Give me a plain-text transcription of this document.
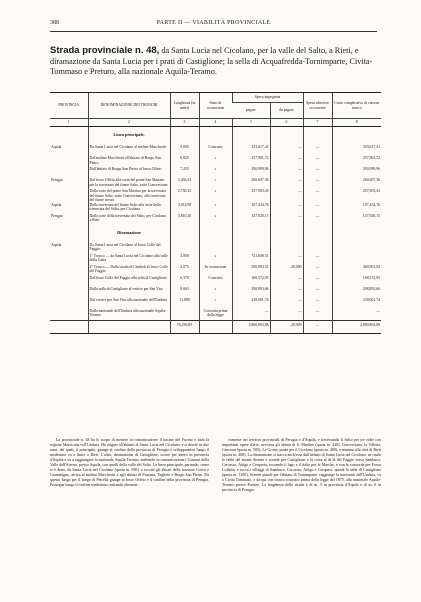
388	PARTE II — VIABILITÀ PROVINCIALE
Strada provinciale n. 48, da Santa Lucia nel Cicolano, per la valle del Salto, a Rieti, e diramazione da Santa Lucia per i prati di Castiglione; la sella di Acquafredda-Tornimparte, Civita-Tommaso e Preturo, alla nazionale Aquila-Teramo.
PROVINCIA	DENOMINAZIONE DEI TRONCHI	Lunghezza (in metri)	Stato di costruzione	Spesa impegnata		Spesa ulteriore occorrente	Costo complessivo di ciascun tronco
				pagate	da pagare		
1	2	3	4	5	6	7	8
	Linea principale.						
Aquila	Da Santa Lucia nel Cicolano al molino Macchiotti	9,000	Costruito	333,617,41	—	—	333,617,41
	Dal molino Macchiotti all'abitato di Borgo San Pietro	6,825	»	257,901,72	—	—	257,901,72
	Dall'abitato di Borgo San Pietro al fosso Offeio	7,255	»	290,999,96	—	—	290,999,96
Perugia	Dal fosso Offeio alla sorte del ponte San Martino per la traversata del fiume Salto, sotto Concerviano	5,436,52	»	260,607,36	—	—	260,607,36
	Dalla sorte del ponte San Martino per la traversata del fiume Salto, sotto Concerviano, alla traversata del fiume stesso	2,730,25	»	257,903,43	—	—	257,903,43
Aquila	Dalla traversata del fiume Salto alla sorte della traversata del Salto, per Cicolano	3,012,90	»	107,434,76	—	—	107,434,76
Perugia	Dalla sorte della traversata del Salto, per Cicolano, a Rieti	3,810,20	»	147,920,15	—	—	147,920,15
	Diramazione						
Aquila	Da Santa Lucia nel Cicolano al fosso Colle del Faggio:						
	1° Tronco — da Santa Lucia nel Cicolano alla valle della Gatta	3,800	»	*41,608,51	—	—	
	2° Tronco — Dalla strada di Cimboli al fosso Colle del Faggio	2,075	In costruzione	290,993,51	20,000	—	460,901,02
	Dal fosso Colle del Faggio alla sella di Castiglione	6,370	Costruito	168,572,95	—	—	168,572,95
	Dalla sella di Castiglione al vertice per San Vito	9,063	»	298,893,66	—	—	298,893,66
	Dal vertice per San Vito alla nazionale dell'Umbria	11,880	»	239,061,74	—	—	239,061,74
	Dalla nazionale dell'Umbria alla nazionale Aquila-Teramo		Costruita prima della legge	—	—	—	—
		76,256,85		2,860,863,88	20,000	—	2,880,863,88
La provinciale n. 48 ha lo scopo di mettere in comunicazione il bacino del Fucino e tutta la regione Marsicana coll'Umbria. Ha origine all'abitato di Santa Lucia nel Cicolano, e si divide in due rami, dei quali, il principale, giunge al confine della provincia di Perugia e sviluppandosi lungo il medesimo va a finire a Rieti. L'altro, diramazione di Castiglione, scorre per intero in provincia d'Aquila e va a raggiungere la nazionale Aquila-Teramo, mettendo in comunicazione i Comuni della Valle dell'Aterno, presso Aquila, con quelli della valle del Salto. La linea principale, partendo, come si è detto, da Santa Lucia nel Cicolano (quota m. 836), e toccati gli abitati della frazione Corvo e Grammigno, arriva al molino Macchiotti e agli abitati di Fiumata, Teglieto e Borgo San Pietro. Da questo luogo per il borgo di Petrella giunge al fosso Offeio e il confine della provincia di Perugia. Prosegue lungo il confine medesimo, entrando alternati-
vamente nei territori provinciali di Perugia e d'Aquila, e traversando il Salto per tre volte con importanti opere d'arte, avvicina gli abitati di S. Martino (quota m. 420), Concerviano, la Villetta, Cenciara (quota m. 505), Le Grotte, ponte per il Cicolano (quota m. 490), e termina alla città di Rieti (quota m. 400). La diramazione si stacca anch'essa dall'abitato di Santa Lucia nel Cicolano, ne risale le falde del monte Sirente e scende per Castiglione e la costa al di là del Faggio verso Sambuco, Cercasso, Attigo e Cerqueta, toccando il lago e il Salto per le Marche, e con la concorde per Fosso Collalto, e tocca i villaggi di Sambuco, Cercasso, Attigo e Cerqueta, quindi la sella di Castiglione (quota m. 1350). Scende quindi per l'abitato di Tornimparte, raggiunge la nazionale dell'Umbria, va a Civita Tommaso, e da qui con tronco costruito prima della legge del 1875, alla nazionale Aquila-Teramo presso Preturo. La lunghezza della strada è di m. 5 in provincia d'Aquila e di m. 6 in provincia di Perugia.
